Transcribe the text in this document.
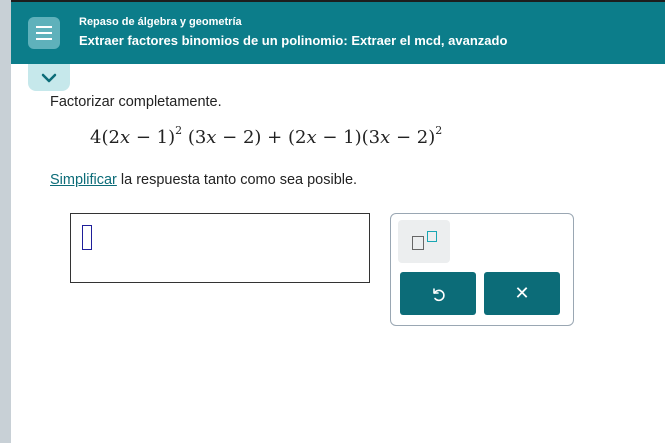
Repaso de álgebra y geometría
Extraer factores binomios de un polinomio: Extraer el mcd, avanzado
Factorizar completamente.
$4(2x - 1)^2$ $(3x - 2) + (2x - 1)(3x - 2)^2$
Simplificar la respuesta tanto como sea posible.
✕
